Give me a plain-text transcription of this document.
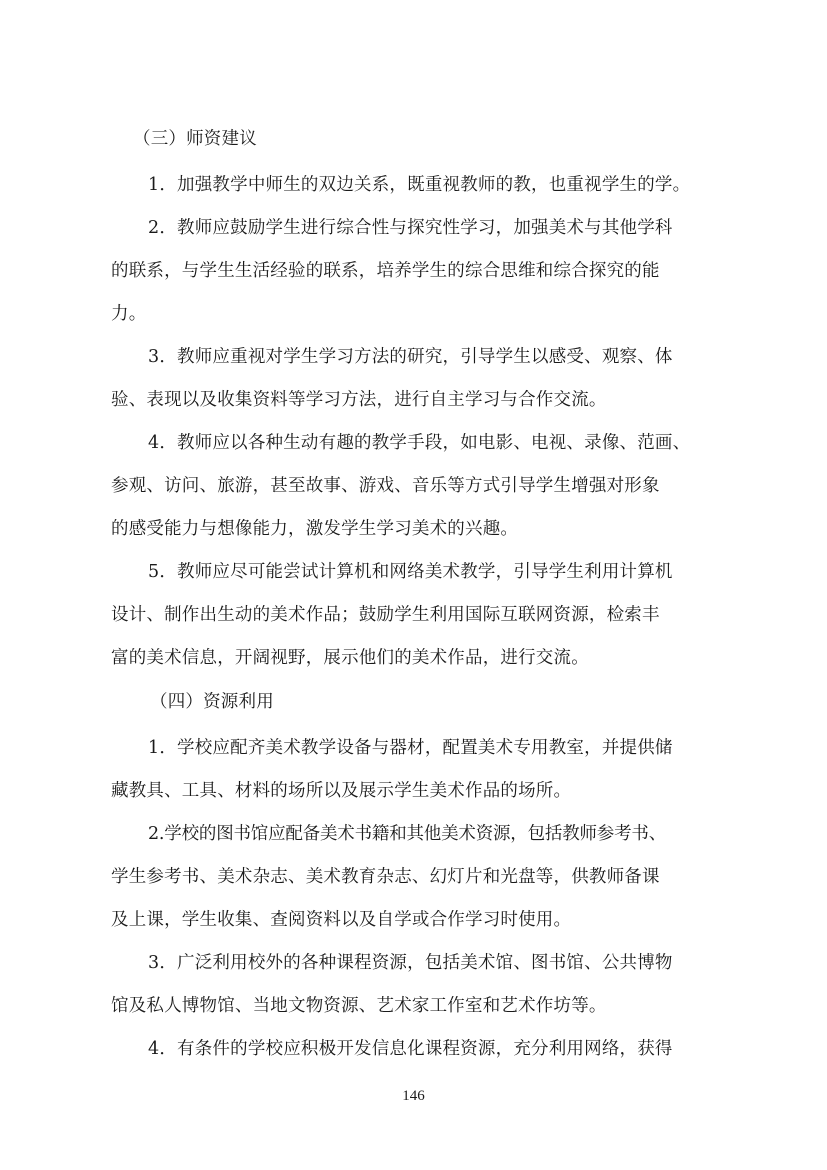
（三）师资建议
1．加强教学中师生的双边关系，既重视教师的教，也重视学生的学。
2．教师应鼓励学生进行综合性与探究性学习，加强美术与其他学科
的联系，与学生生活经验的联系，培养学生的综合思维和综合探究的能
力。
3．教师应重视对学生学习方法的研究，引导学生以感受、观察、体
验、表现以及收集资料等学习方法，进行自主学习与合作交流。
4．教师应以各种生动有趣的教学手段，如电影、电视、录像、范画、
参观、访问、旅游，甚至故事、游戏、音乐等方式引导学生增强对形象
的感受能力与想像能力，激发学生学习美术的兴趣。
5．教师应尽可能尝试计算机和网络美术教学，引导学生利用计算机
设计、制作出生动的美术作品；鼓励学生利用国际互联网资源，检索丰
富的美术信息，开阔视野，展示他们的美术作品，进行交流。
（四）资源利用
1．学校应配齐美术教学设备与器材，配置美术专用教室，并提供储
藏教具、工具、材料的场所以及展示学生美术作品的场所。
2.学校的图书馆应配备美术书籍和其他美术资源，包括教师参考书、
学生参考书、美术杂志、美术教育杂志、幻灯片和光盘等，供教师备课
及上课，学生收集、查阅资料以及自学或合作学习时使用。
3．广泛利用校外的各种课程资源，包括美术馆、图书馆、公共博物
馆及私人博物馆、当地文物资源、艺术家工作室和艺术作坊等。
4．有条件的学校应积极开发信息化课程资源，充分利用网络，获得
146
